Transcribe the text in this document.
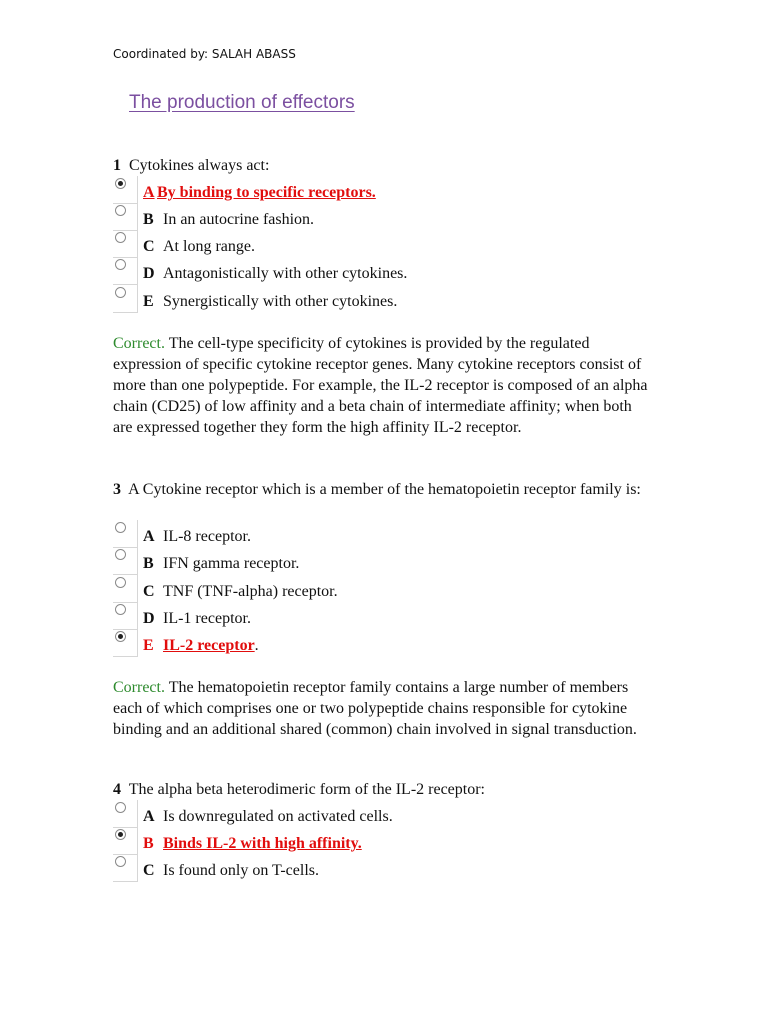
Coordinated by: SALAH ABASS
The production of effectors
1 Cytokines always act:
A By binding to specific receptors.
B In an autocrine fashion.
C At long range.
D Antagonistically with other cytokines.
E Synergistically with other cytokines.
Correct. The cell-type specificity of cytokines is provided by the regulated expression of specific cytokine receptor genes. Many cytokine receptors consist of more than one polypeptide. For example, the IL-2 receptor is composed of an alpha chain (CD25) of low affinity and a beta chain of intermediate affinity; when both are expressed together they form the high affinity IL-2 receptor.
3 A Cytokine receptor which is a member of the hematopoietin receptor family is:
A IL-8 receptor.
B IFN gamma receptor.
C TNF (TNF-alpha) receptor.
D IL-1 receptor.
E IL-2 receptor.
Correct. The hematopoietin receptor family contains a large number of members each of which comprises one or two polypeptide chains responsible for cytokine binding and an additional shared (common) chain involved in signal transduction.
4 The alpha beta heterodimeric form of the IL-2 receptor:
A Is downregulated on activated cells.
B Binds IL-2 with high affinity.
C Is found only on T-cells.
